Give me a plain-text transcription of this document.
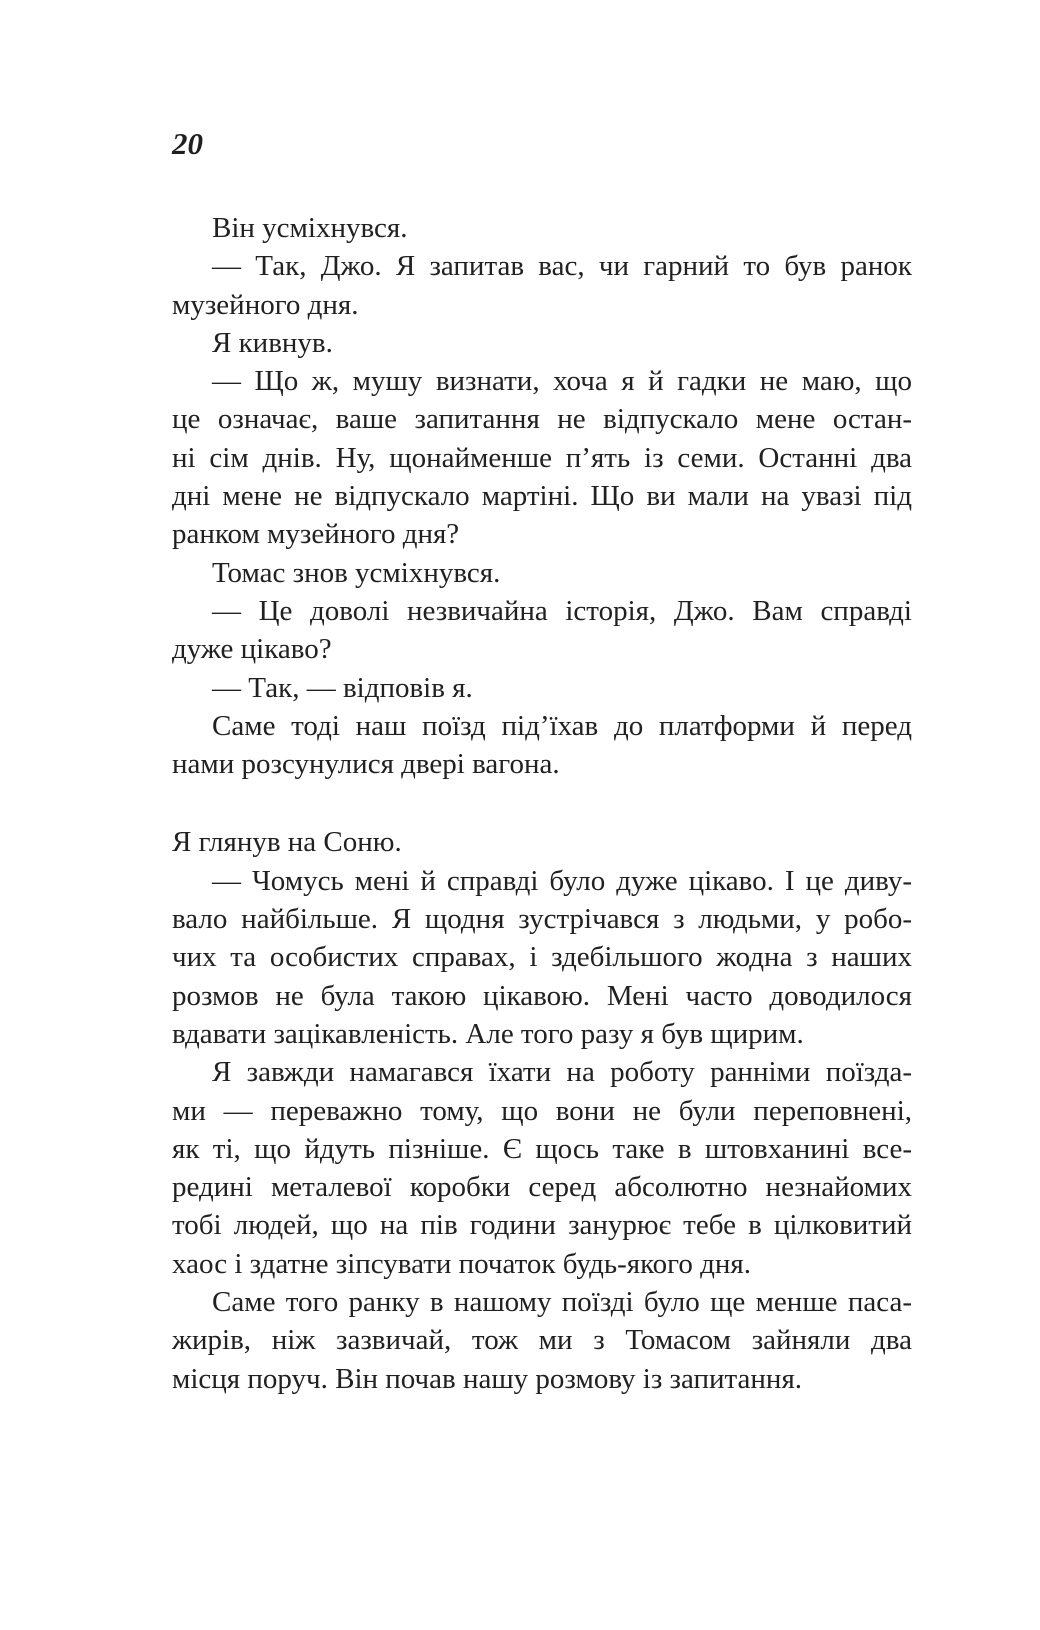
20
Він усміхнувся.
— Так, Джо. Я запитав вас, чи гарний то був ранок
музейного дня.
Я кивнув.
— Що ж, мушу визнати, хоча я й гадки не маю, що
це означає, ваше запитання не відпускало мене остан-
ні сім днів. Ну, щонайменше п’ять із семи. Останні два
дні мене не відпускало мартіні. Що ви мали на увазі під
ранком музейного дня?
Томас знов усміхнувся.
— Це доволі незвичайна історія, Джо. Вам справді
дуже цікаво?
— Так, — відповів я.
Саме тоді наш поїзд під’їхав до платформи й перед
нами розсунулися двері вагона.
Я глянув на Соню.
— Чомусь мені й справді було дуже цікаво. І це диву-
вало найбільше. Я щодня зустрічався з людьми, у робо-
чих та особистих справах, і здебільшого жодна з наших
розмов не була такою цікавою. Мені часто доводилося
вдавати зацікавленість. Але того разу я був щирим.
Я завжди намагався їхати на роботу ранніми поїзда-
ми — переважно тому, що вони не були переповнені,
як ті, що йдуть пізніше. Є щось таке в штовханині все-
редині металевої коробки серед абсолютно незнайомих
тобі людей, що на пів години занурює тебе в цілковитий
хаос і здатне зіпсувати початок будь-якого дня.
Саме того ранку в нашому поїзді було ще менше паса-
жирів, ніж зазвичай, тож ми з Томасом зайняли два
місця поруч. Він почав нашу розмову із запитання.
